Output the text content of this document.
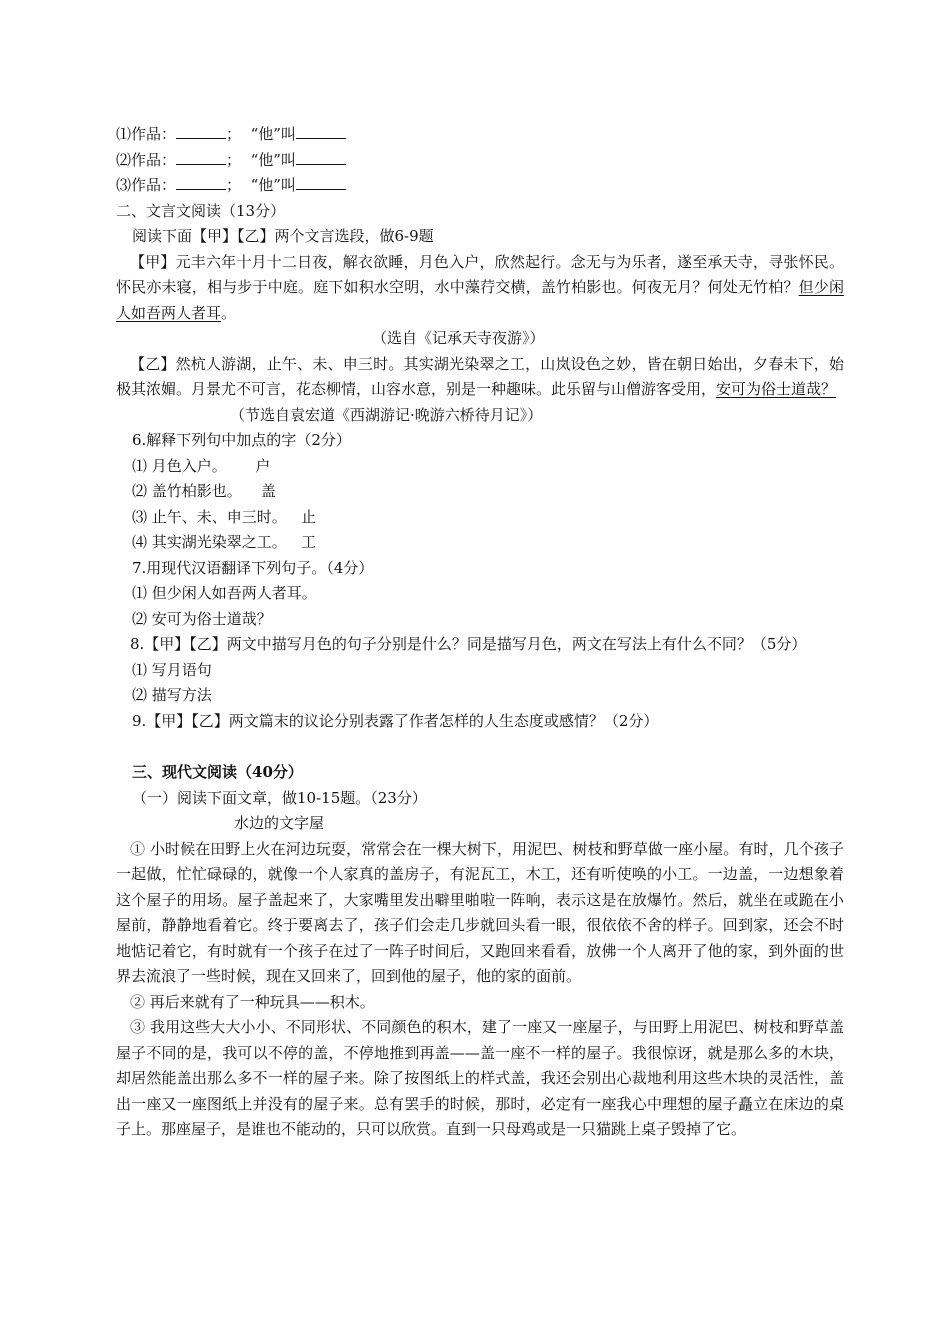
⑴作品：	； “他”叫
⑵作品：	； “他”叫
⑶作品：	； “他”叫
二、文言文阅读（13分）
阅读下面【甲】【乙】两个文言选段，做6-9题
【甲】元丰六年十月十二日夜，解衣欲睡，月色入户，欣然起行。念无与为乐者，遂至承天寺，寻张怀民。怀民亦未寝，相与步于中庭。庭下如积水空明，水中藻荇交横，盖竹柏影也。何夜无月？何处无竹柏？但少闲人如吾两人者耳。
（选自《记承天寺夜游》）
【乙】然杭人游湖，止午、未、申三时。其实湖光染翠之工，山岚设色之妙，皆在朝日始出，夕春未下，始极其浓媚。月景尤不可言，花态柳情，山容水意，别是一种趣味。此乐留与山僧游客受用，安可为俗士道哉？
（节选自袁宏道《西湖游记·晚游六桥待月记》）
6.解释下列句中加点的字（2分）
⑴ 月色入户。 户
⑵ 盖竹柏影也。 盖
⑶ 止午、未、申三时。 止
⑷ 其实湖光染翠之工。 工
7.用现代汉语翻译下列句子。（4分）
⑴ 但少闲人如吾两人者耳。
⑵ 安可为俗士道哉？
8.【甲】【乙】两文中描写月色的句子分别是什么？同是描写月色，两文在写法上有什么不同？（5分）
⑴ 写月语句
⑵ 描写方法
9.【甲】【乙】两文篇末的议论分别表露了作者怎样的人生态度或感情？（2分）
三、现代文阅读（40分）
（一）阅读下面文章，做10-15题。（23分）
水边的文字屋
① 小时候在田野上火在河边玩耍，常常会在一棵大树下，用泥巴、树枝和野草做一座小屋。有时，几个孩子一起做，忙忙碌碌的，就像一个人家真的盖房子，有泥瓦工，木工，还有听使唤的小工。一边盖，一边想象着这个屋子的用场。屋子盖起来了，大家嘴里发出噼里啪啦一阵响，表示这是在放爆竹。然后，就坐在或跪在小屋前，静静地看着它。终于要离去了，孩子们会走几步就回头看一眼，很依依不舍的样子。回到家，还会不时地惦记着它，有时就有一个孩子在过了一阵子时间后，又跑回来看看，放佛一个人离开了他的家，到外面的世界去流浪了一些时候，现在又回来了，回到他的屋子，他的家的面前。
② 再后来就有了一种玩具——积木。
③ 我用这些大大小小、不同形状、不同颜色的积木，建了一座又一座屋子，与田野上用泥巴、树枝和野草盖屋子不同的是，我可以不停的盖，不停地推到再盖——盖一座不一样的屋子。我很惊讶，就是那么多的木块，却居然能盖出那么多不一样的屋子来。除了按图纸上的样式盖，我还会别出心裁地利用这些木块的灵活性，盖出一座又一座图纸上并没有的屋子来。总有罢手的时候，那时，必定有一座我心中理想的屋子矗立在床边的桌子上。那座屋子，是谁也不能动的，只可以欣赏。直到一只母鸡或是一只猫跳上桌子毁掉了它。
